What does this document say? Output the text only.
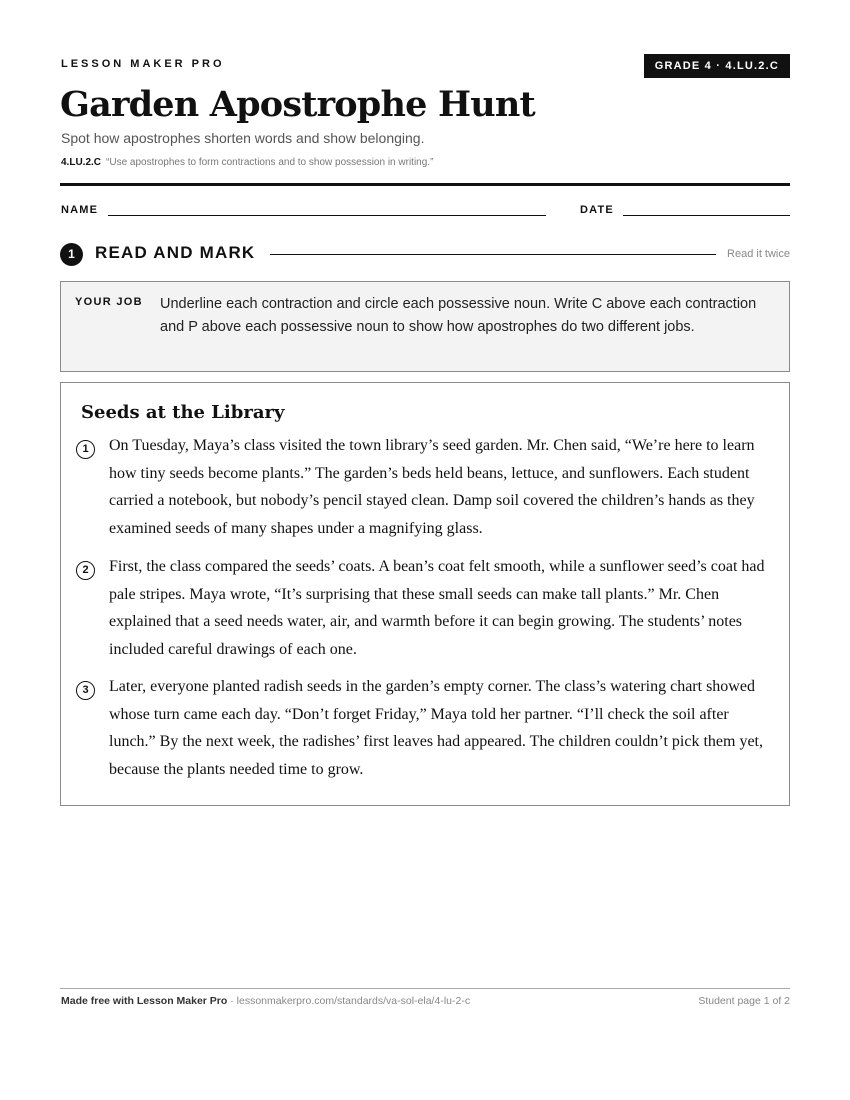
LESSON MAKER PRO	GRADE 4 · 4.LU.2.C
Garden Apostrophe Hunt
Spot how apostrophes shorten words and show belonging.
4.LU.2.C “Use apostrophes to form contractions and to show possession in writing.”
NAME	DATE
1	READ AND MARK	Read it twice
YOUR JOB Underline each contraction and circle each possessive noun. Write C above each contraction and P above each possessive noun to show how apostrophes do two different jobs.
Seeds at the Library
1	On Tuesday, Maya’s class visited the town library’s seed garden. Mr. Chen said, “We’re here to learn how tiny seeds become plants.” The garden’s beds held beans, lettuce, and sunflowers. Each student carried a notebook, but nobody’s pencil stayed clean. Damp soil covered the children’s hands as they examined seeds of many shapes under a magnifying glass.
2	First, the class compared the seeds’ coats. A bean’s coat felt smooth, while a sunflower seed’s coat had pale stripes. Maya wrote, “It’s surprising that these small seeds can make tall plants.” Mr. Chen explained that a seed needs water, air, and warmth before it can begin growing. The students’ notes included careful drawings of each one.
3	Later, everyone planted radish seeds in the garden’s empty corner. The class’s watering chart showed whose turn came each day. “Don’t forget Friday,” Maya told her partner. “I’ll check the soil after lunch.” By the next week, the radishes’ first leaves had appeared. The children couldn’t pick them yet, because the plants needed time to grow.
Made free with Lesson Maker Pro · lessonmakerpro.com/standards/va-sol-ela/4-lu-2-c	Student page 1 of 2
